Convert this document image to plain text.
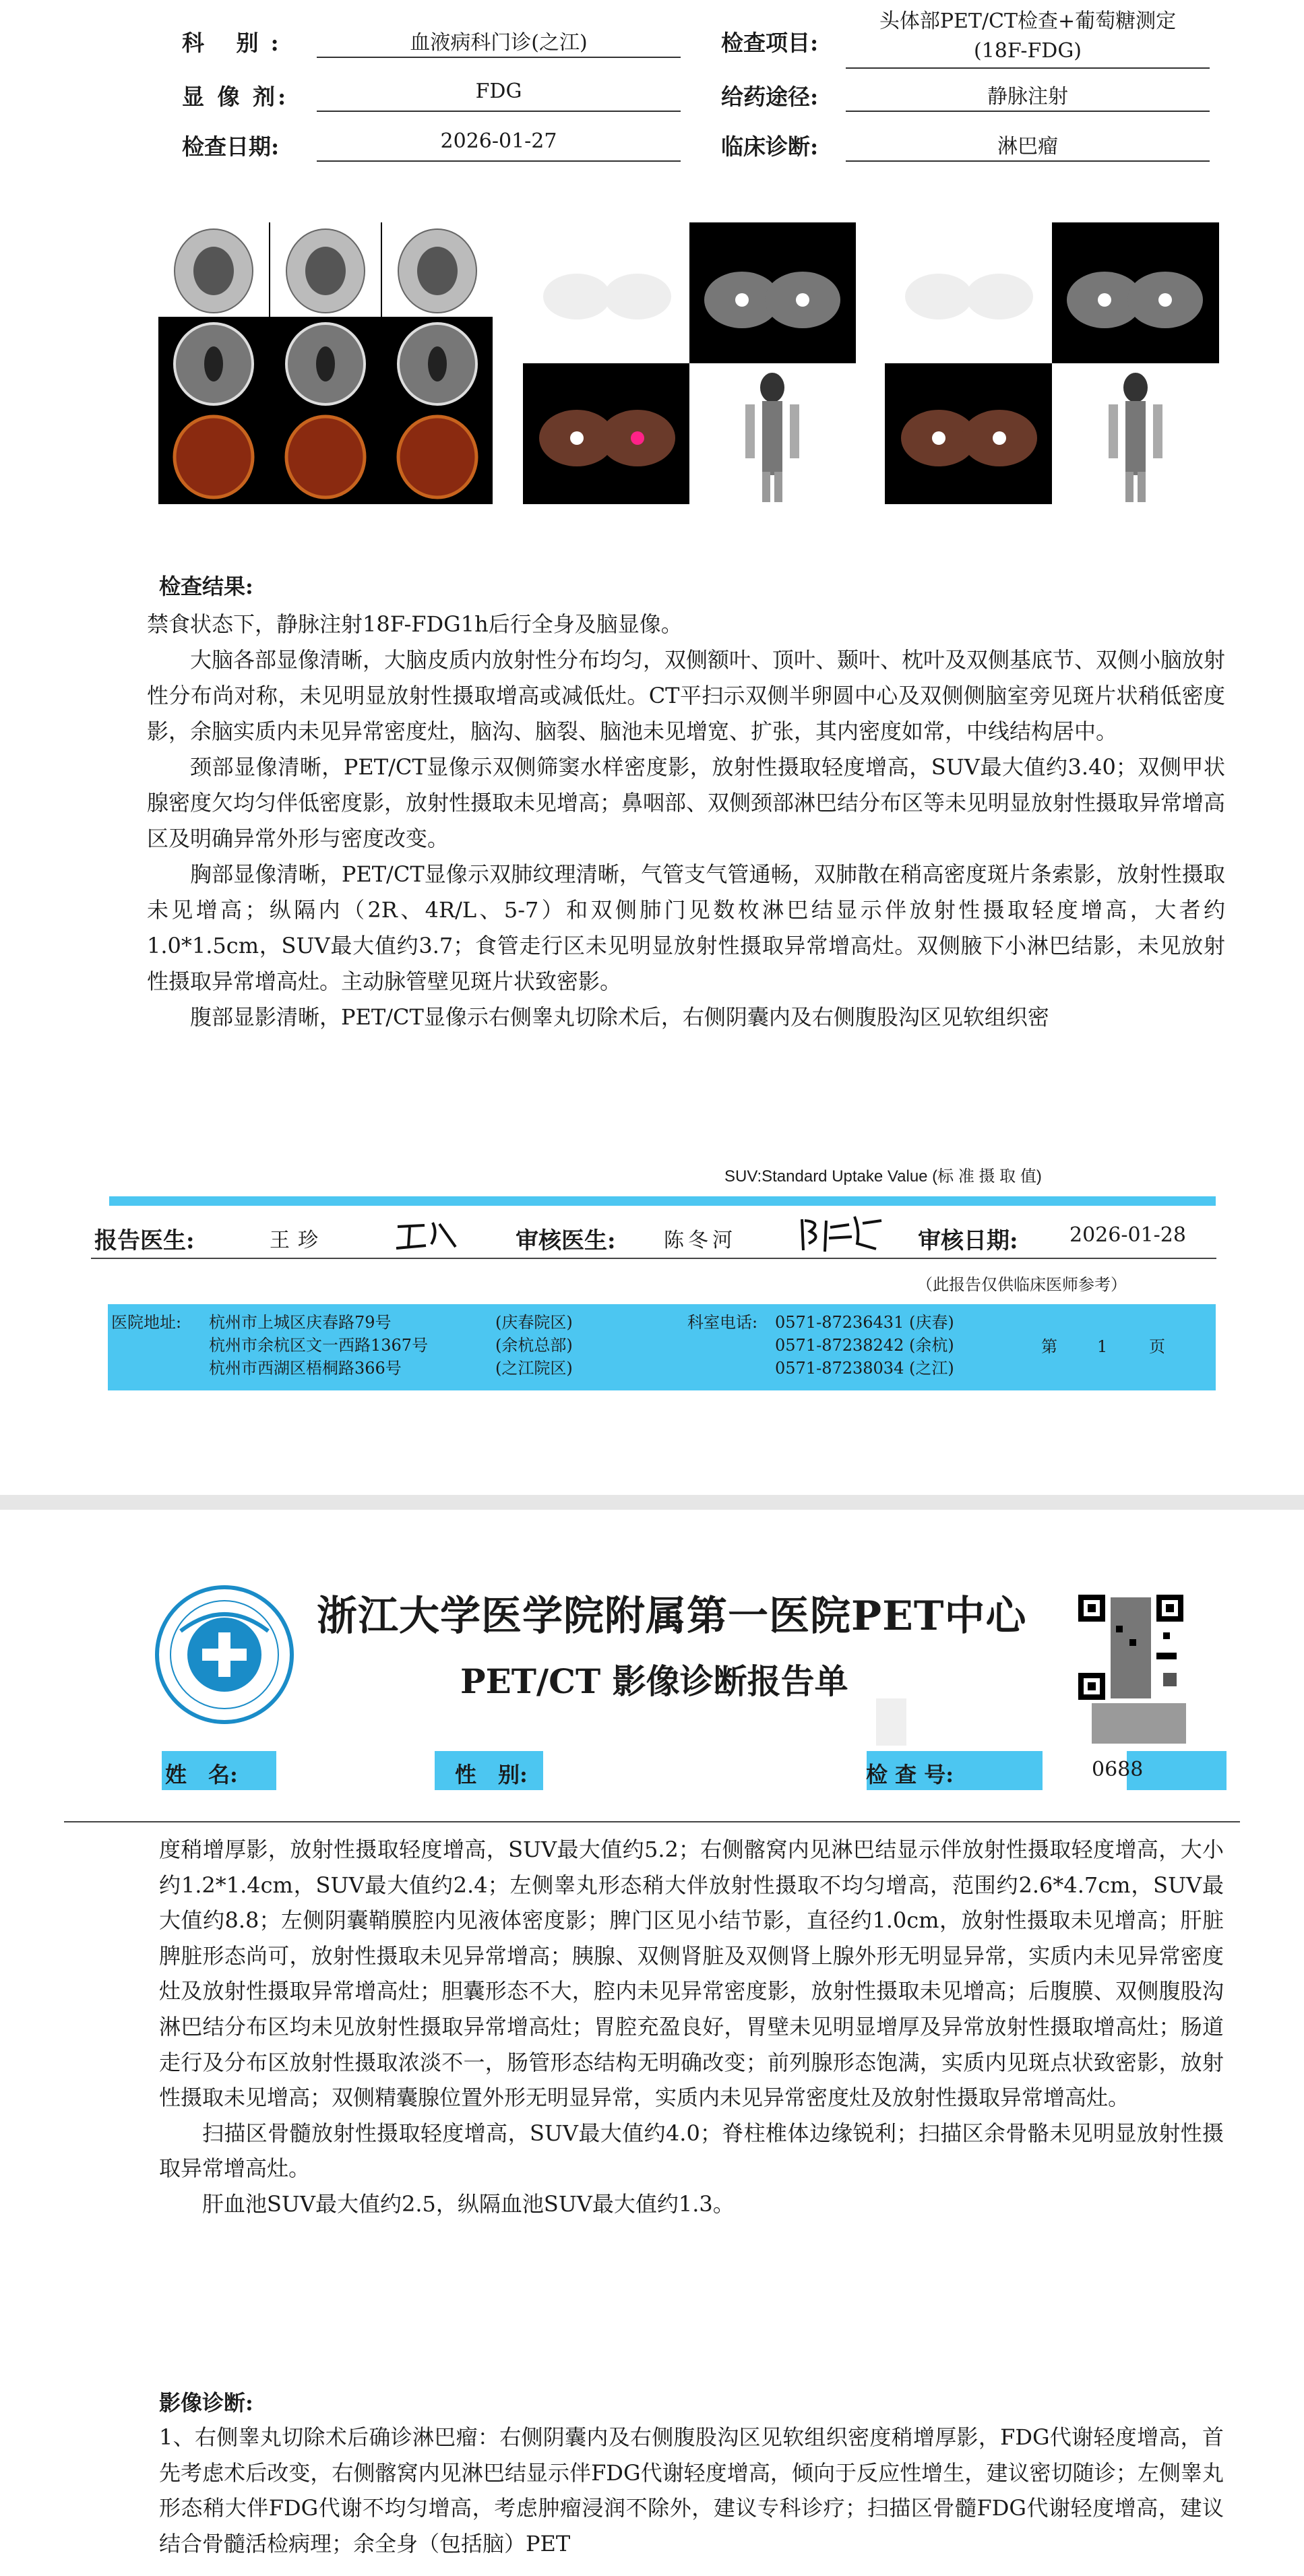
科 别:	血液病科门诊(之江)	检查项目:
头体部PET/CT检查+葡萄糖测定
(18F-FDG)
显 像 剂:	FDG	给药途径:	静脉注射
检查日期:	2026-01-27	临床诊断:	淋巴瘤
检查结果:

禁食状态下，静脉注射18F-FDG1h后行全身及脑显像。

大脑各部显像清晰，大脑皮质内放射性分布均匀，双侧额叶、顶叶、颞叶、枕叶及双侧基底节、双侧小脑放射性分布尚对称，未见明显放射性摄取增高或减低灶。CT平扫示双侧半卵圆中心及双侧侧脑室旁见斑片状稍低密度影，余脑实质内未见异常密度灶，脑沟、脑裂、脑池未见增宽、扩张，其内密度如常，中线结构居中。

颈部显像清晰，PET/CT显像示双侧筛窦水样密度影，放射性摄取轻度增高，SUV最大值约3.40；双侧甲状腺密度欠均匀伴低密度影，放射性摄取未见增高；鼻咽部、双侧颈部淋巴结分布区等未见明显放射性摄取异常增高区及明确异常外形与密度改变。

胸部显像清晰，PET/CT显像示双肺纹理清晰，气管支气管通畅，双肺散在稍高密度斑片条索影，放射性摄取未见增高；纵隔内（2R、4R/L、5-7）和双侧肺门见数枚淋巴结显示伴放射性摄取轻度增高，大者约1.0*1.5cm，SUV最大值约3.7；食管走行区未见明显放射性摄取异常增高灶。双侧腋下小淋巴结影，未见放射性摄取异常增高灶。主动脉管壁见斑片状致密影。

腹部显影清晰，PET/CT显像示右侧睾丸切除术后，右侧阴囊内及右侧腹股沟区见软组织密

SUV:Standard Uptake Value (标 准 摄 取 值)
报告医生:	王珍	审核医生: 陈冬河	审核日期:	2026-01-28
（此报告仅供临床医师参考）
医院地址: 杭州市上城区庆春路79号	(庆春院区)
杭州市余杭区文一西路1367号	(余杭总部)
杭州市西湖区梧桐路366号	(之江院区)
科室电话: 0571-87236431 (庆春)
0571-87238242 (余杭)
0571-87238034 (之江)
第 1	页
浙江大学医学院附属第一医院PET中心
PET/CT 影像诊断报告单
姓　名:	性　别:	检 查 号:	0688

度稍增厚影，放射性摄取轻度增高，SUV最大值约5.2；右侧髂窝内见淋巴结显示伴放射性摄取轻度增高，大小约1.2*1.4cm，SUV最大值约2.4；左侧睾丸形态稍大伴放射性摄取不均匀增高，范围约2.6*4.7cm，SUV最大值约8.8；左侧阴囊鞘膜腔内见液体密度影；脾门区见小结节影，直径约1.0cm，放射性摄取未见增高；肝脏脾脏形态尚可，放射性摄取未见异常增高；胰腺、双侧肾脏及双侧肾上腺外形无明显异常，实质内未见异常密度灶及放射性摄取异常增高灶；胆囊形态不大，腔内未见异常密度影，放射性摄取未见增高；后腹膜、双侧腹股沟淋巴结分布区均未见放射性摄取异常增高灶；胃腔充盈良好，胃壁未见明显增厚及异常放射性摄取增高灶；肠道走行及分布区放射性摄取浓淡不一，肠管形态结构无明确改变；前列腺形态饱满，实质内见斑点状致密影，放射性摄取未见增高；双侧精囊腺位置外形无明显异常，实质内未见异常密度灶及放射性摄取异常增高灶。

扫描区骨髓放射性摄取轻度增高，SUV最大值约4.0；脊柱椎体边缘锐利；扫描区余骨骼未见明显放射性摄取异常增高灶。

肝血池SUV最大值约2.5，纵隔血池SUV最大值约1.3。

影像诊断:

1、右侧睾丸切除术后确诊淋巴瘤：右侧阴囊内及右侧腹股沟区见软组织密度稍增厚影，FDG代谢轻度增高，首先考虑术后改变，右侧髂窝内见淋巴结显示伴FDG代谢轻度增高，倾向于反应性增生，建议密切随诊；左侧睾丸形态稍大伴FDG代谢不均匀增高，考虑肿瘤浸润不除外，建议专科诊疗；扫描区骨髓FDG代谢轻度增高，建议结合骨髓活检病理；余全身（包括脑）PET
